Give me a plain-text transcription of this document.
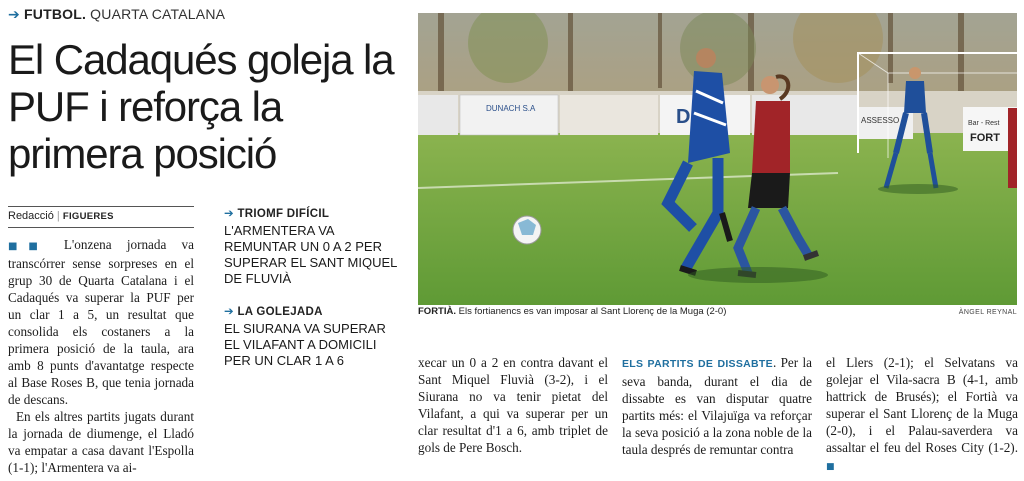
➔ FUTBOL. QUARTA CATALANA
El Cadaqués goleja la PUF i reforça la primera posició
Redacció | FIGUERES

■■ L'onzena jornada va transcórrer sense sorpreses en el grup 30 de Quarta Catalana i el Cadaqués va superar la PUF per un clar 1 a 5, un resultat que consolida els costaners a la primera posició de la taula, ara amb 8 punts d'avantatge respecte al Base Roses B, que tenia jornada de descans.

En els altres partits jugats durant la jornada de diumenge, el Lladó va empatar a casa davant l'Espolla (1-1); l'Armentera va ai-

➔ TRIOMF DIFÍCIL
L'ARMENTERA VA REMUNTAR UN 0 A 2 PER SUPERAR EL SANT MIQUEL DE FLUVIÀ
➔ LA GOLEJADA
EL SIURANA VA SUPERAR EL VILAFANT A DOMICILI PER UN CLAR 1 A 6
DUNACH S.A	D	ASSESSO	Bar - Rest
FORT
FORTIÀ. Els fortianencs es van imposar al Sant Llorenç de la Muga (2-0)	ÀNGEL REYNAL

xecar un 0 a 2 en contra davant el Sant Miquel Fluvià (3-2), i el Siurana no va tenir pietat del Vilafant, a qui va superar per un clar resultat d'1 a 6, amb triplet de gols de Pere Bosch.

ELS PARTITS DE DISSABTE. Per la seva banda, durant el dia de dissabte es van disputar quatre partits més: el Vilajuïga va reforçar la seva posició a la zona noble de la taula després de remuntar contra

el Llers (2-1); el Selvatans va golejar el Vila-sacra B (4-1, amb hattrick de Brusés); el Fortià va superar el Sant Llorenç de la Muga (2-0), i el Palau-saverdera va assaltar el feu del Roses City (1-2). ■
